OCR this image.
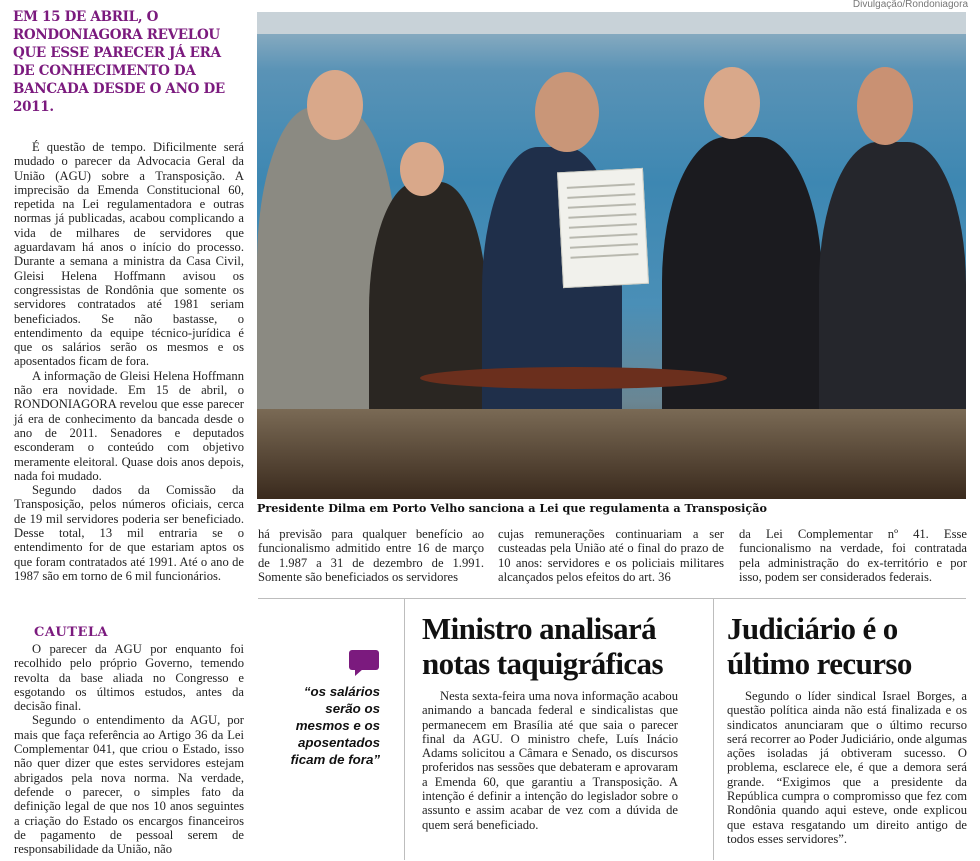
EM 15 DE ABRIL, O RONDONIAGORA REVELOU QUE ESSE PARECER JÁ ERA DE CONHECIMENTO DA BANCADA DESDE O ANO DE 2011.

É questão de tempo. Dificilmente será mudado o parecer da Advocacia Geral da União (AGU) sobre a Transposição. A imprecisão da Emenda Constitucional 60, repetida na Lei regulamentadora e outras normas já publicadas, acabou complicando a vida de milhares de servidores que aguardavam há anos o início do processo. Durante a semana a ministra da Casa Civil, Gleisi Helena Hoffmann avisou os congressistas de Rondônia que somente os servidores contratados até 1981 seriam beneficiados. Se não bastasse, o entendimento da equipe técnico-jurídica é que os salários serão os mesmos e os aposentados ficam de fora.

A informação de Gleisi Helena Hoffmann não era novidade. Em 15 de abril, o RONDONIAGORA revelou que esse parecer já era de conhecimento da bancada desde o ano de 2011. Senadores e deputados esconderam o conteúdo com objetivo meramente eleitoral. Quase dois anos depois, nada foi mudado.

Segundo dados da Comissão da Transposição, pelos números oficiais, cerca de 19 mil servidores poderia ser beneficiado. Desse total, 13 mil entraria se o entendimento for de que estariam aptos os que foram contratados até 1991. Até o ano de 1987 são em torno de 6 mil funcionários.

CAUTELA

O parecer da AGU por enquanto foi recolhido pelo próprio Governo, temendo revolta da base aliada no Congresso e esgotando os últimos estudos, antes da decisão final.

Segundo o entendimento da AGU, por mais que faça referência ao Artigo 36 da Lei Complementar 041, que criou o Estado, isso não quer dizer que estes servidores estejam abrigados pela nova norma. Na verdade, defende o parecer, o simples fato da definição legal de que nos 10 anos seguintes a criação do Estado os encargos financeiros de pagamento de pessoal serem de responsabilidade da União, não

Divulgação/Rondoniagora
Presidente Dilma em Porto Velho sanciona a Lei que regulamenta a Transposição

há previsão para qualquer benefício ao funcionalismo admitido entre 16 de março de 1.987 a 31 de dezembro de 1.991. Somente são beneficiados os servidores

cujas remunerações continuariam a ser custeadas pela União até o final do prazo de 10 anos: servidores e os policiais militares alcançados pelos efeitos do art. 36

da Lei Complementar nº 41. Esse funcionalismo na verdade, foi contratada pela administração do ex-território e por isso, podem ser considerados federais.

“os salários serão os mesmos e os aposentados ficam de fora”
Ministro analisará notas taquigráficas

Nesta sexta-feira uma nova informação acabou animando a bancada federal e sindicalistas que permanecem em Brasília até que saia o parecer final da AGU. O ministro chefe, Luís Inácio Adams solicitou a Câmara e Senado, os discursos proferidos nas sessões que debateram e aprovaram a Emenda 60, que garantiu a Transposição. A intenção é definir a intenção do legislador sobre o assunto e assim acabar de vez com a dúvida de quem será beneficiado.

Judiciário é o último recurso

Segundo o líder sindical Israel Borges, a questão política ainda não está finalizada e os sindicatos anunciaram que o último recurso será recorrer ao Poder Judiciário, onde algumas ações isoladas já obtiveram sucesso. O problema, esclarece ele, é que a demora será grande. “Exigimos que a presidente da República cumpra o compromisso que fez com Rondônia quando aqui esteve, onde explicou que estava resgatando um direito antigo de todos esses servidores”.
